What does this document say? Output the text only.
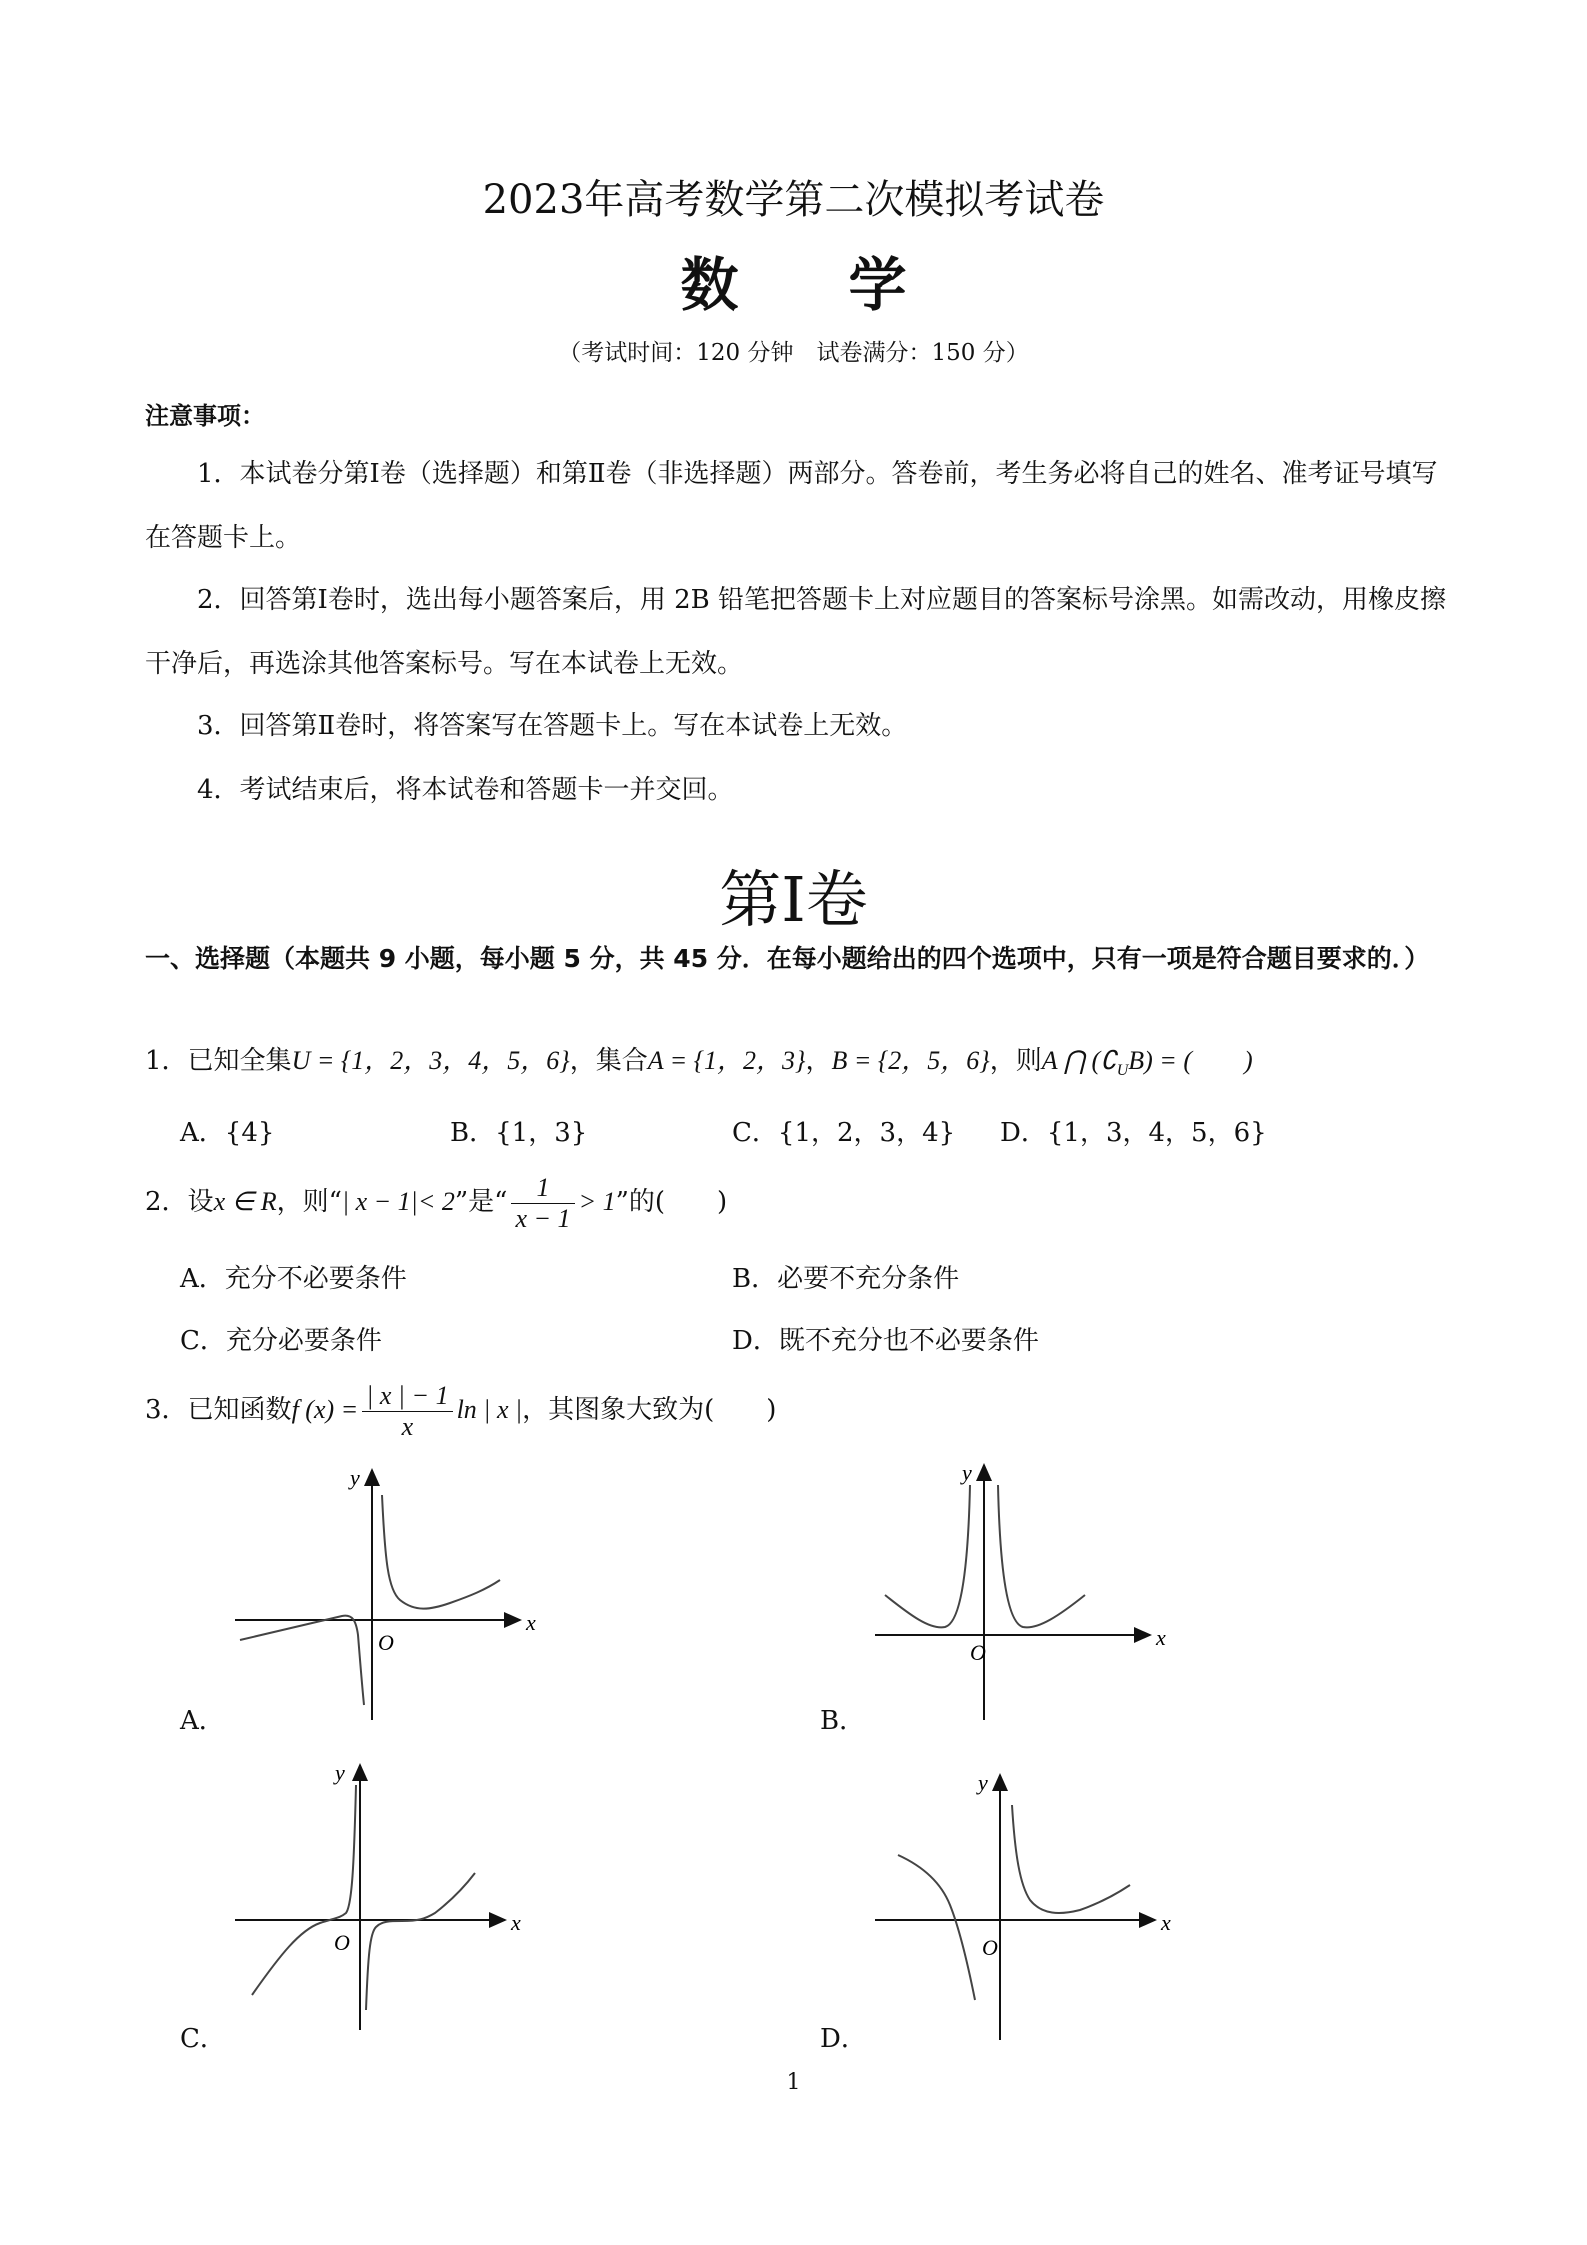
2023年高考数学第二次模拟考试卷
数 学
（考试时间：120 分钟　试卷满分：150 分）
注意事项：
1．本试卷分第Ⅰ卷（选择题）和第Ⅱ卷（非选择题）两部分。答卷前，考生务必将自己的姓名、准考证号填写在答题卡上。
2．回答第Ⅰ卷时，选出每小题答案后，用 2B 铅笔把答题卡上对应题目的答案标号涂黑。如需改动，用橡皮擦干净后，再选涂其他答案标号。写在本试卷上无效。
3．回答第Ⅱ卷时，将答案写在答题卡上。写在本试卷上无效。
4．考试结束后，将本试卷和答题卡一并交回。
第Ⅰ卷
一、选择题（本题共 9 小题，每小题 5 分，共 45 分．在每小题给出的四个选项中，只有一项是符合题目要求的．）
1．已知全集U = {1，2，3，4，5，6}，集合A = {1，2，3}，B = {2，5，6}，则A ⋂ $(∁_UB)$ = (　　)
A．{4}	B．{1，3}	C．{1，2，3，4} D．{1，3，4，5，6}
2．设x ∈ R，则“| x − 1|< 2”是“ $\frac{1}{x - 1} > 1$”的(　　)
A．充分不必要条件	B．必要不充分条件
C．充分必要条件	D．既不充分也不必要条件
3．已知函数f $(x) = \frac{| x | - 1}{x}$ ln | x |，其图象大致为(　　)
x
y
O
A．
x
y
O
B．
x
y
O
C．
x
y
O
D．
1
